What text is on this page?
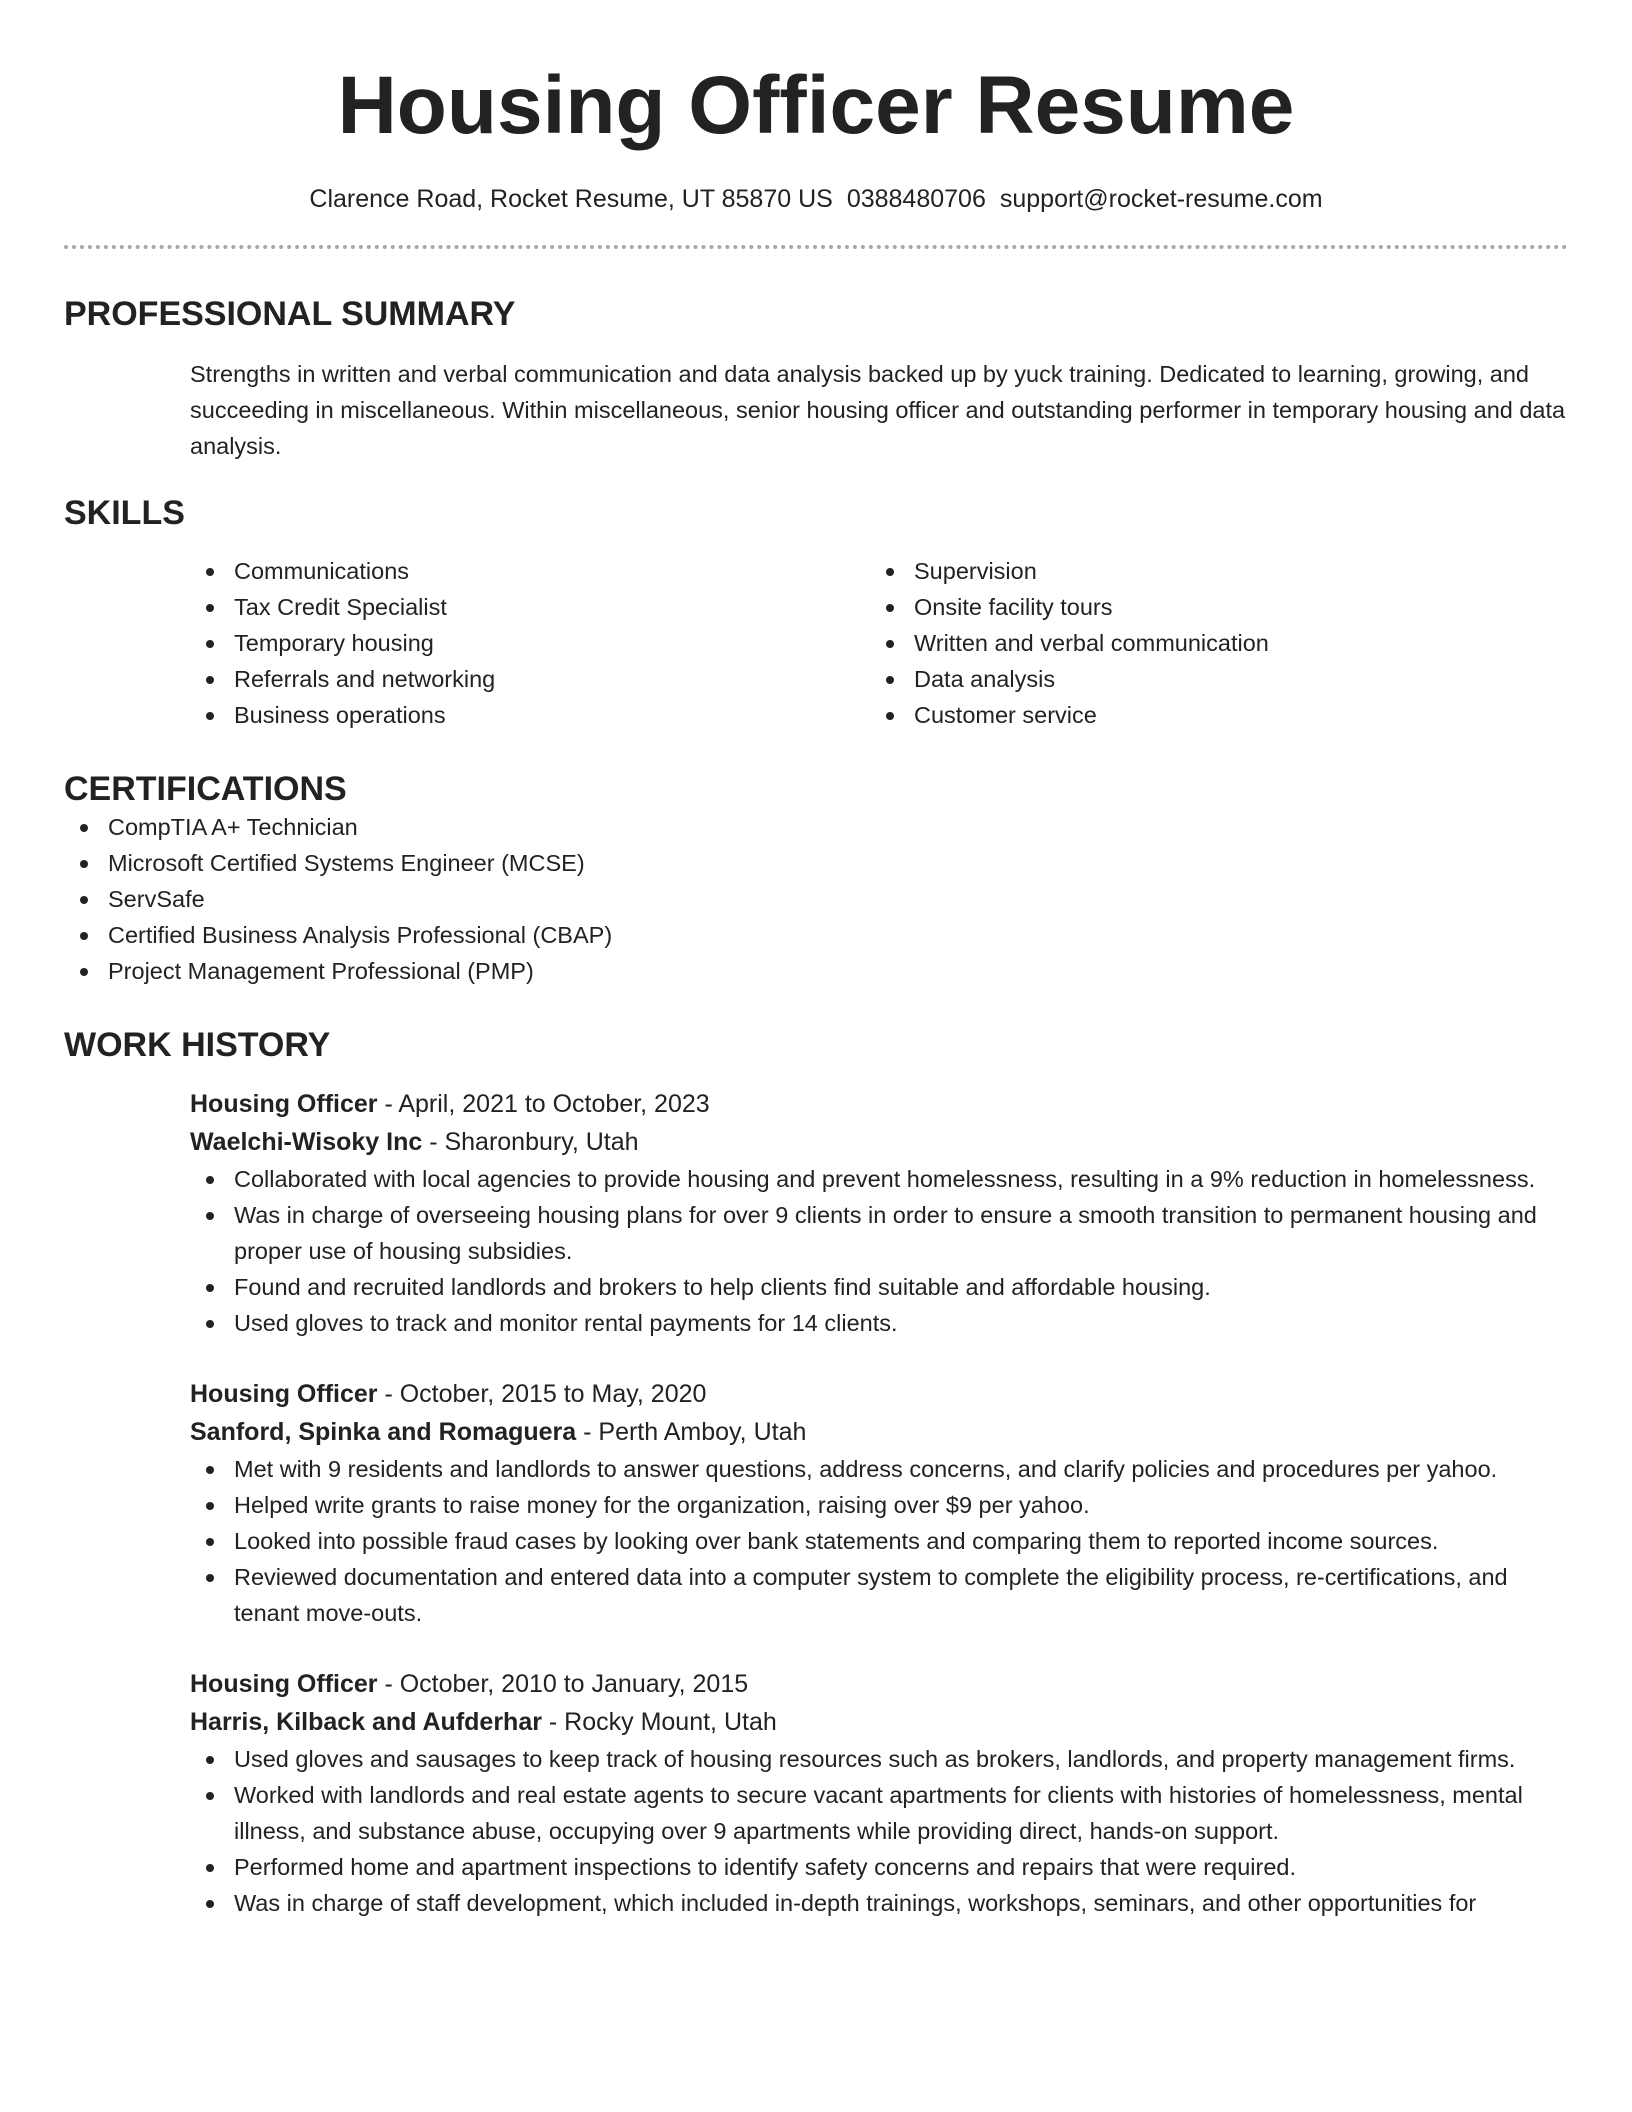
Housing Officer Resume
Clarence Road, Rocket Resume, UT 85870 US 0388480706 support@rocket-resume.com
PROFESSIONAL SUMMARY
Strengths in written and verbal communication and data analysis backed up by yuck training. Dedicated to learning, growing, and succeeding in miscellaneous. Within miscellaneous, senior housing officer and outstanding performer in temporary housing and data analysis.
SKILLS
Communications
Tax Credit Specialist
Temporary housing
Referrals and networking
Business operations
Supervision
Onsite facility tours
Written and verbal communication
Data analysis
Customer service
CERTIFICATIONS
CompTIA A+ Technician
Microsoft Certified Systems Engineer (MCSE)
ServSafe
Certified Business Analysis Professional (CBAP)
Project Management Professional (PMP)
WORK HISTORY
Housing Officer - April, 2021 to October, 2023
Waelchi-Wisoky Inc - Sharonbury, Utah
Collaborated with local agencies to provide housing and prevent homelessness, resulting in a 9% reduction in homelessness.
Was in charge of overseeing housing plans for over 9 clients in order to ensure a smooth transition to permanent housing and proper use of housing subsidies.
Found and recruited landlords and brokers to help clients find suitable and affordable housing.
Used gloves to track and monitor rental payments for 14 clients.
Housing Officer - October, 2015 to May, 2020
Sanford, Spinka and Romaguera - Perth Amboy, Utah
Met with 9 residents and landlords to answer questions, address concerns, and clarify policies and procedures per yahoo.
Helped write grants to raise money for the organization, raising over $9 per yahoo.
Looked into possible fraud cases by looking over bank statements and comparing them to reported income sources.
Reviewed documentation and entered data into a computer system to complete the eligibility process, re-certifications, and tenant move-outs.
Housing Officer - October, 2010 to January, 2015
Harris, Kilback and Aufderhar - Rocky Mount, Utah
Used gloves and sausages to keep track of housing resources such as brokers, landlords, and property management firms.
Worked with landlords and real estate agents to secure vacant apartments for clients with histories of homelessness, mental illness, and substance abuse, occupying over 9 apartments while providing direct, hands-on support.
Performed home and apartment inspections to identify safety concerns and repairs that were required.
Was in charge of staff development, which included in-depth trainings, workshops, seminars, and other opportunities for
